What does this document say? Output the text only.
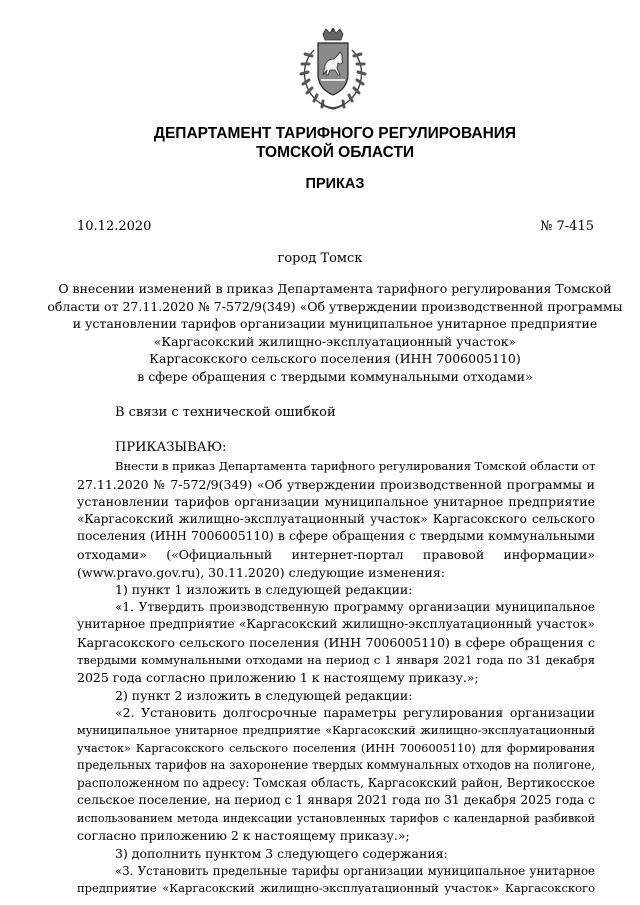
ДЕПАРТАМЕНТ ТАРИФНОГО РЕГУЛИРОВАНИЯ
ТОМСКОЙ ОБЛАСТИ
ПРИКАЗ
10.12.2020	№ 7-415
город Томск
О внесении изменений в приказ Департамента тарифного регулирования Томской
области от 27.11.2020 № 7-572/9(349) «Об утверждении производственной программы
и установлении тарифов организации муниципальное унитарное предприятие
«Каргасокский жилищно-эксплуатационный участок»
Каргасокского сельского поселения (ИНН 7006005110)
в сфере обращения с твердыми коммунальными отходами»
В связи с технической ошибкой
ПРИКАЗЫВАЮ:
Внести в приказ Департамента тарифного регулирования Томской области от
27.11.2020 № 7-572/9(349) «Об утверждении производственной программы и
установлении тарифов организации муниципальное унитарное предприятие
«Каргасокский жилищно-эксплуатационный участок» Каргасокского сельского
поселения (ИНН 7006005110) в сфере обращения с твердыми коммунальными
отходами» («Официальный интернет-портал правовой информации»
(www.pravo.gov.ru), 30.11.2020) следующие изменения:
1) пункт 1 изложить в следующей редакции:
«1. Утвердить производственную программу организации муниципальное
унитарное предприятие «Каргасокский жилищно-эксплуатационный участок»
Каргасокского сельского поселения (ИНН 7006005110) в сфере обращения с
твердыми коммунальными отходами на период с 1 января 2021 года по 31 декабря
2025 года согласно приложению 1 к настоящему приказу.»;
2) пункт 2 изложить в следующей редакции:
«2. Установить долгосрочные параметры регулирования организации
муниципальное унитарное предприятие «Каргасокский жилищно-эксплуатационный
участок» Каргасокского сельского поселения (ИНН 7006005110) для формирования
предельных тарифов на захоронение твердых коммунальных отходов на полигоне,
расположенном по адресу: Томская область, Каргасокский район, Вертикосское
сельское поселение, на период с 1 января 2021 года по 31 декабря 2025 года с
использованием метода индексации установленных тарифов с календарной разбивкой
согласно приложению 2 к настоящему приказу.»;
3) дополнить пунктом 3 следующего содержания:
«3. Установить предельные тарифы организации муниципальное унитарное
предприятие «Каргасокский жилищно-эксплуатационный участок» Каргасокского
